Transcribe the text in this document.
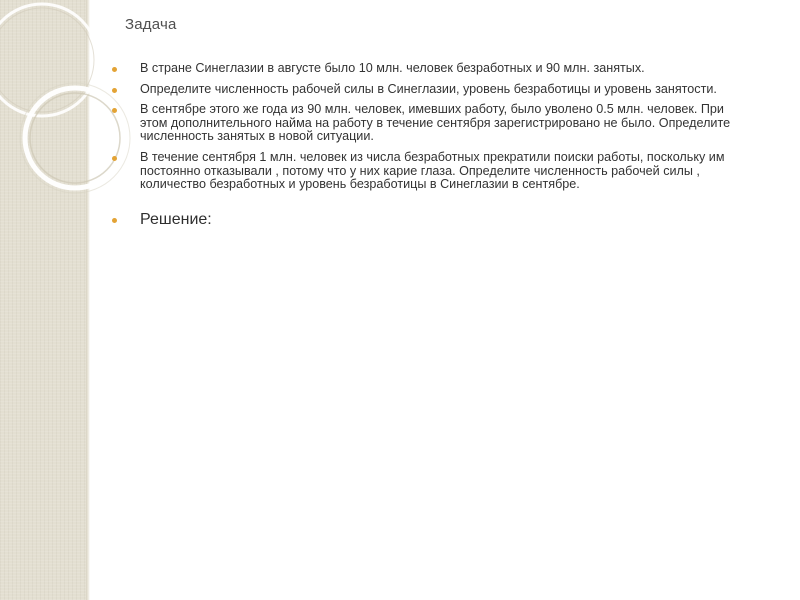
Задача
В стране Синеглазии в августе было 10 млн. человек безработных и 90 млн. занятых.
Определите численность рабочей силы в Синеглазии, уровень безработицы и уровень занятости.
В сентябре этого же года из 90 млн. человек, имевших работу, было уволено 0.5 млн. человек. При этом дополнительного найма на работу в течение сентября зарегистрировано не было. Определите численность занятых в новой ситуации.
В течение сентября 1 млн. человек из числа безработных прекратили поиски работы, поскольку им постоянно отказывали , потому что у них карие глаза. Определите численность рабочей силы , количество безработных и уровень безработицы в Синеглазии в сентябре.
Решение:
